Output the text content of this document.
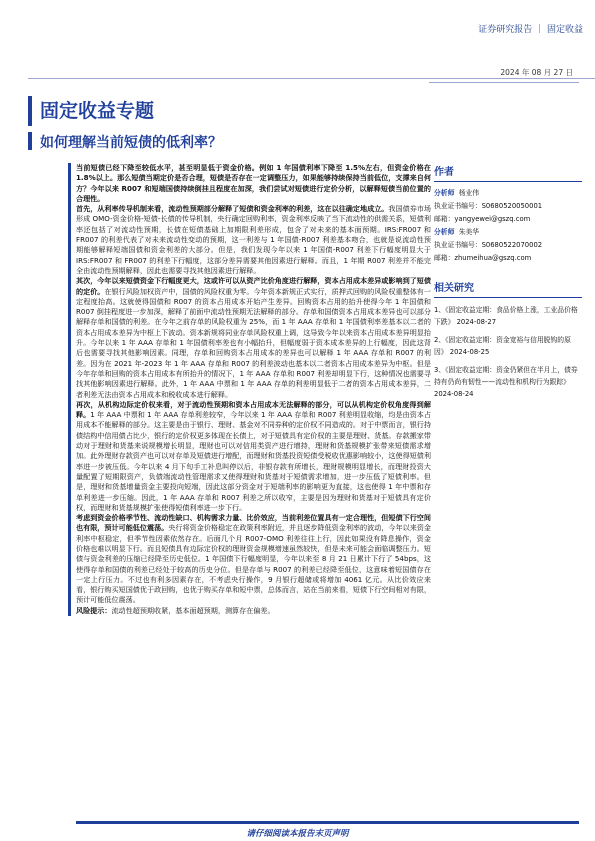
证券研究报告 ｜ 固定收益
2024 年 08 月 27 日
固定收益专题
如何理解当前短债的低利率？

当前短债已经下降至较低水平，甚至明显低于资金价格。例如 1 年国债利率下降至 1.5%左右，但资金价格在 1.8%以上。那么短债当期定价是否合理，短债是否存在一定调整压力，如果能够持续保持当前低位，支撑来自何方？今年以来 R007 和短端国债持续倒挂且程度在加深，我们尝试对短债进行定价分析，以解释短债当前位置的合理性。

首先，从利率传导机制来看，流动性预期部分解释了短债和资金利率的利差，这在以往确定地成立。我国债券市场形成 OMO-资金价格-短债-长债的传导机制，央行确定回购利率，资金利率反映了当下流动性的供需关系，短债利率还包括了对流动性预期，长债在短债基础上加期限利差形成，包含了对未来的基本面预期。IRS:FR007 和 FR007 的利差代表了对未来流动性变动的预期，这一利差与 1 年国债-R007 利差基本吻合，也就是说流动性预期能够解释短端国债和资金利差的大部分。但是，我们发现今年以来 1 年国债-R007 利差下行幅度明显大于 IRS:FR007 和 FR007 的利差下行幅度，这部分差异需要其他因素进行解释。而且，1 年期 R007 利差并不能完全由流动性预期解释，因此也需要寻找其他因素进行解释。

其次，今年以来短债资金下行幅度更大，这或许可以从资产比价角度进行解释，资本占用成本差异或影响到了短债的定价。在银行风险加权资产中，国债的风险权重为零。今年资本新规正式实行，质押式回购的风险权重整体有一定程度抬高。这就使得国债和 R007 的资本占用成本开始产生差异。回购资本占用的抬升使得今年 1 年国债和 R007 倒挂程度进一步加深，解释了前面中流动性预期无法解释的部分。存单和国债资本占用成本差异也可以部分解释存单和国债的利差。在今年之前存单的风险权重为 25%，而 1 年 AAA 存单和 1 年国债利率差基本以二者的资本占用成本差异为中枢上下波动。资本新规将同业存单风险权重上调，这导致今年以来资本占用成本差异明显抬升。今年以来 1 年 AAA 存单和 1 年国债利率差也有小幅抬升，但幅度弱于资本成本差异的上行幅度，因此这背后也需要寻找其他影响因素。同理，存单和回购资本占用成本的差异也可以解释 1 年 AAA 存单和 R007 的利差。因为在 2021 年-2023 年 1 年 AAA 存单和 R007 的利差波动也基本以二者资本占用成本差异为中枢。但是今年存单和回购的资本占用成本有所抬升的情况下，1 年 AAA 存单和 R007 利差却明显下行，这种情况也需要寻找其他影响因素进行解释。此外，1 年 AAA 中票和 1 年 AAA 存单的利差明显低于二者的资本占用成本差异，二者利差无法由资本占用成本和税收成本进行解释。

再次，从机构边际定价权来看，对于流动性预期和资本占用成本无法解释的部分，可以从机构定价权角度得到解释。1 年 AAA 中票和 1 年 AAA 存单利差较窄，今年以来 1 年 AAA 存单和 R007 利差明显收缩，均是由资本占用成本不能解释的部分。这主要是由于银行、理财、基金对不同券种的定价权不同造成的。对于中票而言，银行持债结构中信用债占比少，银行的定价权更多体现在长债上，对于短债具有定价权的主要是理财、货基。存款搬家带动对于理财和货基来说规模增长明显，理财也可以对信用类资产进行增持，理财和货基规模扩张带来短债需求增加。此外理财存款资产也可以对存单及短债进行增配，而理财和货基投资短债受税收优惠影响较小，这使得短债利率进一步被压低。今年以来 4 月下旬手工补息叫停以后，非银存款有所增长，理财规模明显增长，而理财投资大量配置了短期限资产，负债端流动性管理需求又使得理财和货基对于短债需求增加，进一步压低了短债利率。但是，理财和货基增量资金主要投向短端，因此这部分资金对于短端利率的影响更为直接，这也使得 1 年中票和存单利差进一步压缩。因此，1 年 AAA 存单和 R007 利差之所以收窄，主要是因为理财和货基对于短债具有定价权，而理财和货基规模扩张使得短债利率进一步下行。

考虑到资金价格季节性、流动性缺口、机构需求力量、比价效应，当前利差位置具有一定合理性，但短债下行空间也有限，预计可能低位震荡。央行将资金价格稳定在政策利率附近，并且逐步降低资金利率的波动，今年以来资金利率中枢稳定，但季节性因素依然存在。后面几个月 R007-OMO 利差往往上行，因此如果没有降息操作，资金价格也难以明显下行。而且短债具有边际定价权的理财资金规模增速虽然较快，但是未来可能会面临调整压力。短债与资金利差的压缩已经降至历史低位。1 年国债下行幅度明显，今年以来至 8 月 21 日累计下行了 54bps，这使得存单和国债的利差已经处于较高的历史分位。但是存单与 R007 的利差已经降至低位，这意味着短国债存在一定上行压力。不过也有利多因素存在，不考虑央行操作，9 月银行超储或将增加 4061 亿元。从比价效应来看，银行购买短国债优于政回购，也优于购买存单和短中票，总体而言，站在当前来看，短债下行空间相对有限，预计可能低位震荡。

风险提示：流动性超预期收紧，基本面超预期，测算存在偏差。

作者
分析师 杨业伟
执业证书编号：S0680520050001
邮箱：yangyewei@gszq.com
分析师 朱美华
执业证书编号：S0680522070002
邮箱：zhumeihua@gszq.com
相关研究
1、《固定收益定期：食品价格上涨，工业品价格下跌》 2024-08-27
2、《固定收益定期：资金宽裕与信用脱钩的原因》 2024-08-25
3、《固定收益定期：资金仍紧但在半月上，债券持有仍尚有韧性——流动性和机构行为跟踪》 2024-08-24
请仔细阅读本报告末页声明
